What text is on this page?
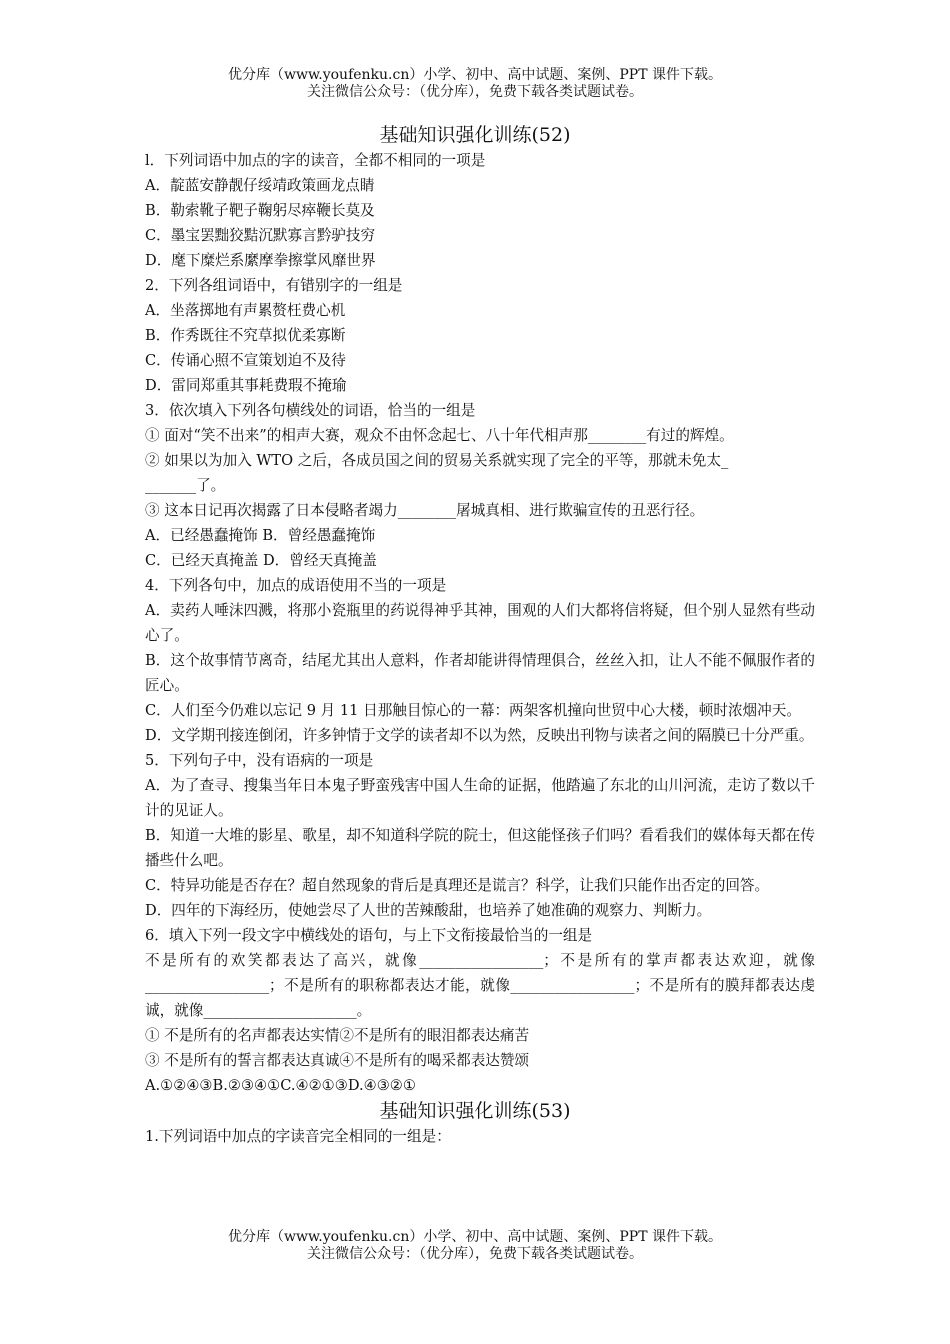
优分库（www.youfenku.cn）小学、初中、高中试题、案例、PPT 课件下载。
关注微信公众号：（优分库），免费下载各类试题试卷。
基础知识强化训练(52)
l．下列词语中加点的字的读音，全都不相同的一项是
A．靛蓝安静靓仔绥靖政策画龙点睛
B．勒索靴子靶子鞠躬尽瘁鞭长莫及
C．墨宝罢黜狡黠沉默寡言黔驴技穷
D．麾下糜烂系縻摩拳擦掌风靡世界
2．下列各组词语中，有错别字的一组是
A．坐落掷地有声累赘枉费心机
B．作秀既往不究草拟优柔寡断
C．传诵心照不宣策划迫不及待
D．雷同郑重其事耗费瑕不掩瑜
3．依次填入下列各句横线处的词语，恰当的一组是
① 面对“笑不出来”的相声大赛，观众不由怀念起七、八十年代相声那________有过的辉煌。
② 如果以为加入 WTO 之后，各成员国之间的贸易关系就实现了完全的平等，那就未免太_
_______了。
③ 这本日记再次揭露了日本侵略者竭力________屠城真相、进行欺骗宣传的丑恶行径。
A．已经愚蠢掩饰 B．曾经愚蠢掩饰
C．已经天真掩盖 D．曾经天真掩盖
4．下列各句中，加点的成语使用不当的一项是
A．卖药人唾沫四溅，将那小瓷瓶里的药说得神乎其神，围观的人们大都将信将疑，但个别人显然有些动心了。
B．这个故事情节离奇，结尾尤其出人意料，作者却能讲得情理俱合，丝丝入扣，让人不能不佩服作者的匠心。
C．人们至今仍难以忘记 9 月 11 日那触目惊心的一幕：两架客机撞向世贸中心大楼，顿时浓烟冲天。
D．文学期刊接连倒闭，许多钟情于文学的读者却不以为然，反映出刊物与读者之间的隔膜已十分严重。
5．下列句子中，没有语病的一项是
A．为了查寻、搜集当年日本鬼子野蛮残害中国人生命的证据，他踏遍了东北的山川河流，走访了数以千计的见证人。
B．知道一大堆的影星、歌星，却不知道科学院的院士，但这能怪孩子们吗？看看我们的媒体每天都在传播些什么吧。
C．特异功能是否存在？超自然现象的背后是真理还是谎言？科学，让我们只能作出否定的回答。
D．四年的下海经历，使她尝尽了人世的苦辣酸甜，也培养了她准确的观察力、判断力。
6．填入下列一段文字中横线处的语句，与上下文衔接最恰当的一组是
不是所有的欢笑都表达了高兴，就像_________________；不是所有的掌声都表达欢迎，就像_________________；不是所有的职称都表达才能，就像_________________；不是所有的膜拜都表达虔诚，就像_____________________。
① 不是所有的名声都表达实情②不是所有的眼泪都表达痛苦
③ 不是所有的誓言都表达真诚④不是所有的喝采都表达赞颂
A.①②④③B.②③④①C.④②①③D.④③②①
基础知识强化训练(53)
1.下列词语中加点的字读音完全相同的一组是：
优分库（www.youfenku.cn）小学、初中、高中试题、案例、PPT 课件下载。
关注微信公众号：（优分库），免费下载各类试题试卷。
